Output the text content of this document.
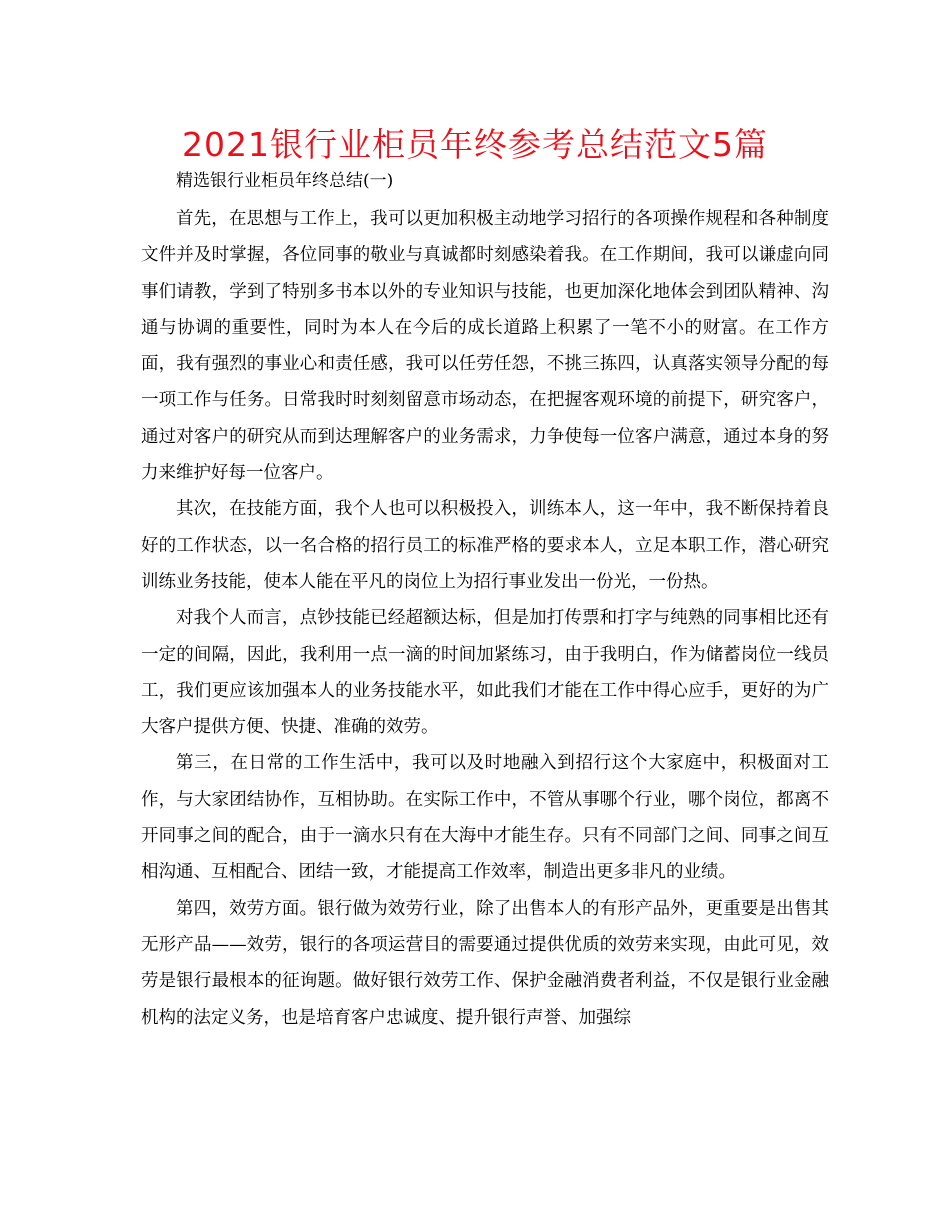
2021银行业柜员年终参考总结范文5篇
精选银行业柜员年终总结(一)

首先，在思想与工作上，我可以更加积极主动地学习招行的各项操作规程和各种制度文件并及时掌握，各位同事的敬业与真诚都时刻感染着我。在工作期间，我可以谦虚向同事们请教，学到了特别多书本以外的专业知识与技能，也更加深化地体会到团队精神、沟通与协调的重要性，同时为本人在今后的成长道路上积累了一笔不小的财富。在工作方面，我有强烈的事业心和责任感，我可以任劳任怨，不挑三拣四，认真落实领导分配的每一项工作与任务。日常我时时刻刻留意市场动态，在把握客观环境的前提下，研究客户，通过对客户的研究从而到达理解客户的业务需求，力争使每一位客户满意，通过本身的努力来维护好每一位客户。

其次，在技能方面，我个人也可以积极投入，训练本人，这一年中，我不断保持着良好的工作状态，以一名合格的招行员工的标准严格的要求本人，立足本职工作，潜心研究训练业务技能，使本人能在平凡的岗位上为招行事业发出一份光，一份热。

对我个人而言，点钞技能已经超额达标，但是加打传票和打字与纯熟的同事相比还有一定的间隔，因此，我利用一点一滴的时间加紧练习，由于我明白，作为储蓄岗位一线员工，我们更应该加强本人的业务技能水平，如此我们才能在工作中得心应手，更好的为广大客户提供方便、快捷、准确的效劳。

第三，在日常的工作生活中，我可以及时地融入到招行这个大家庭中，积极面对工作，与大家团结协作，互相协助。在实际工作中，不管从事哪个行业，哪个岗位，都离不开同事之间的配合，由于一滴水只有在大海中才能生存。只有不同部门之间、同事之间互相沟通、互相配合、团结一致，才能提高工作效率，制造出更多非凡的业绩。

第四，效劳方面。银行做为效劳行业，除了出售本人的有形产品外，更重要是出售其无形产品——效劳，银行的各项运营目的需要通过提供优质的效劳来实现，由此可见，效劳是银行最根本的征询题。做好银行效劳工作、保护金融消费者利益，不仅是银行业金融机构的法定义务，也是培育客户忠诚度、提升银行声誉、加强综
